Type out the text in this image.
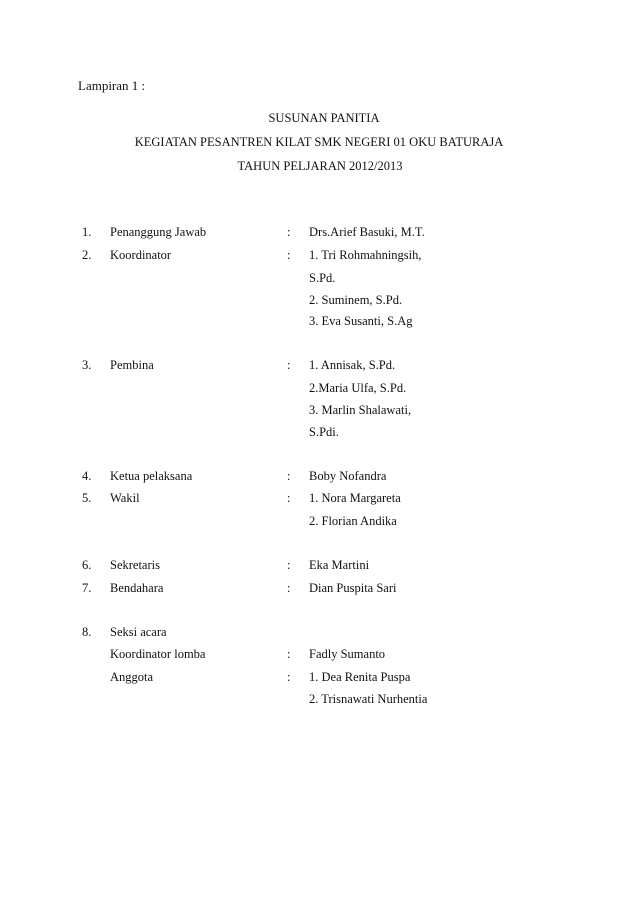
Lampiran 1 :
SUSUNAN PANITIA
KEGIATAN PESANTREN KILAT SMK NEGERI 01 OKU BATURAJA
TAHUN PELJARAN 2012/2013
1. Penanggung Jawab	: Drs.Arief Basuki, M.T.
2. Koordinator	: 1. Tri Rohmahningsih,
S.Pd.
2. Suminem, S.Pd.
3. Eva Susanti, S.Ag
3. Pembina	: 1. Annisak, S.Pd.
2.Maria Ulfa, S.Pd.
3. Marlin Shalawati,
S.Pdi.
4. Ketua pelaksana	: Boby Nofandra
5. Wakil	: 1. Nora Margareta
2. Florian Andika
6. Sekretaris	: Eka Martini
7. Bendahara	: Dian Puspita Sari
8. Seksi acara
Koordinator lomba	: Fadly Sumanto
Anggota	: 1. Dea Renita Puspa
2. Trisnawati Nurhentia
